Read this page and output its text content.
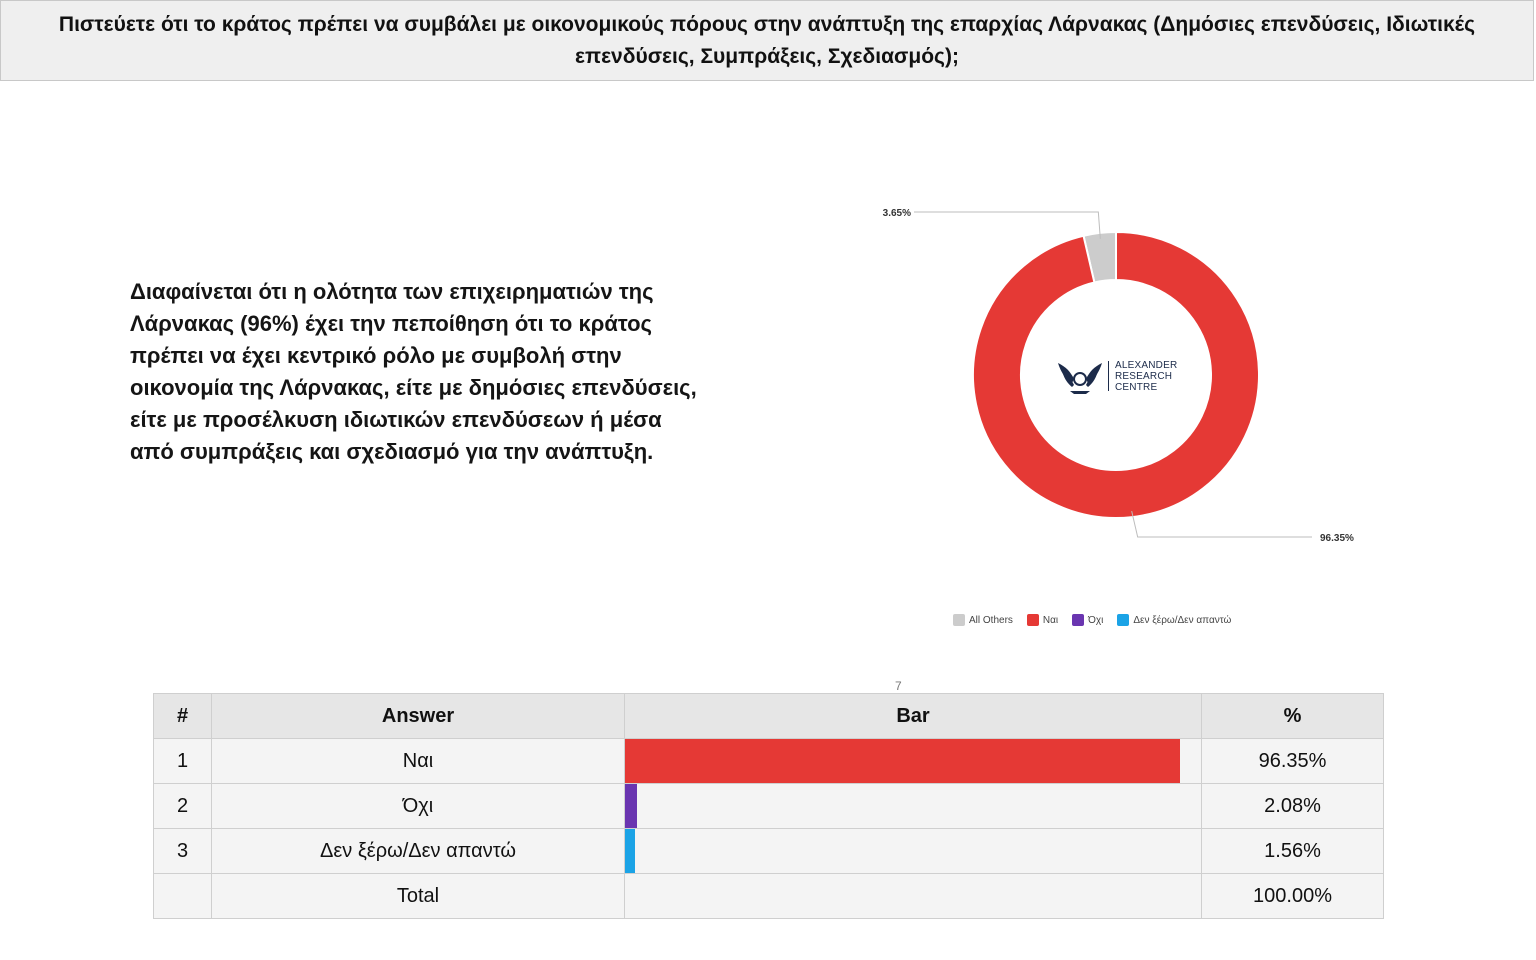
Πιστεύετε ότι το κράτος πρέπει να συμβάλει με οικονομικούς πόρους στην ανάπτυξη της επαρχίας Λάρνακας (Δημόσιες επενδύσεις, Ιδιωτικές επενδύσεις, Συμπράξεις, Σχεδιασμός);
Διαφαίνεται ότι η ολότητα των επιχειρηματιών της Λάρνακας (96%) έχει την πεποίθηση ότι το κράτος πρέπει να έχει κεντρικό ρόλο με συμβολή στην οικονομία της Λάρνακας, είτε με δημόσιες επενδύσεις, είτε με προσέλκυση ιδιωτικών επενδύσεων ή μέσα από συμπράξεις και σχεδιασμό για την ανάπτυξη.
3.65%
96.35%
ALEXANDER
RESEARCH
CENTRE
All Others	Ναι	Όχι	Δεν ξέρω/Δεν απαντώ
7
#	Answer	Bar	%
1	Ναι		96.35%
2	Όχι		2.08%
3	Δεν ξέρω/Δεν απαντώ		1.56%
	Total		100.00%
